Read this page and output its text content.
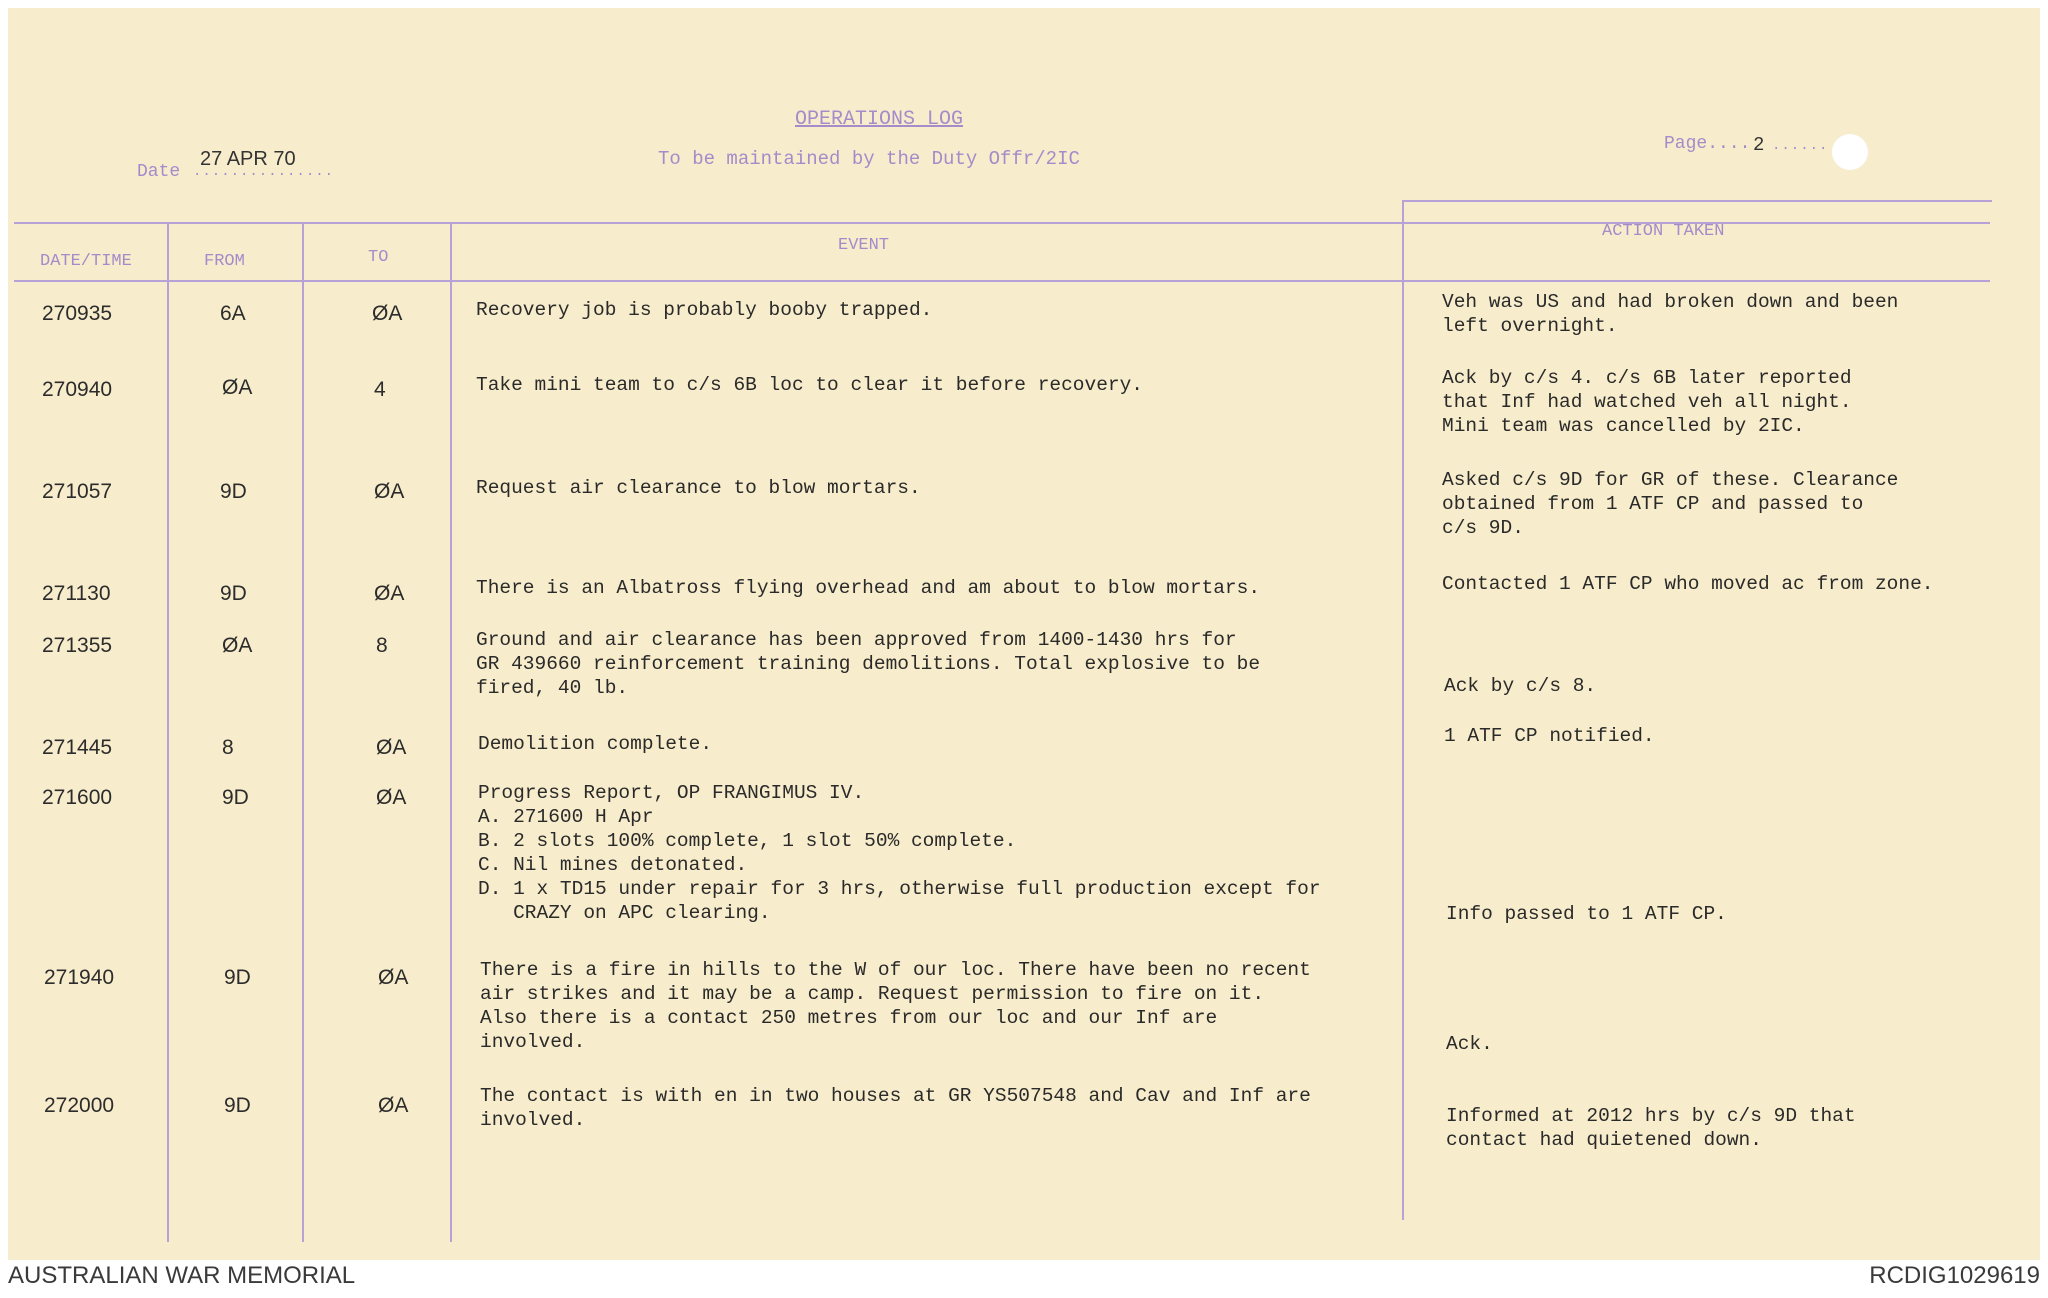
OPERATIONS LOG
To be maintained by the Duty Offr/2IC
Date ...............
27 APR 70
Page.... 2 ......
DATE/TIME	FROM	TO
EVENT
ACTION TAKEN
270935	6A	ØA	Recovery job is probably booby trapped.	Veh was US and had broken down and been
left overnight.
270940	ØA	4	Take mini team to c/s 6B loc to clear it before recovery.	Ack by c/s 4. c/s 6B later reported
that Inf had watched veh all night.
Mini team was cancelled by 2IC.
271057	9D	ØA	Request air clearance to blow mortars.	Asked c/s 9D for GR of these. Clearance
obtained from 1 ATF CP and passed to
c/s 9D.
271130	9D	ØA	There is an Albatross flying overhead and am about to blow mortars.	Contacted 1 ATF CP who moved ac from zone.
271355	ØA	8	Ground and air clearance has been approved from 1400-1430 hrs for
GR 439660 reinforcement training demolitions. Total explosive to be
fired, 40 lb.	Ack by c/s 8.
271445	8	ØA	Demolition complete.	1 ATF CP notified.
271600	9D	ØA	Progress Report, OP FRANGIMUS IV.
A. 271600 H Apr
B. 2 slots 100% complete, 1 slot 50% complete.
C. Nil mines detonated.
D. 1 x TD15 under repair for 3 hrs, otherwise full production except for
CRAZY on APC clearing.	Info passed to 1 ATF CP.
271940	9D	ØA	There is a fire in hills to the W of our loc. There have been no recent
air strikes and it may be a camp. Request permission to fire on it.
Also there is a contact 250 metres from our loc and our Inf are
involved.	Ack.
272000	9D	ØA	The contact is with en in two houses at GR YS507548 and Cav and Inf are
involved.	Informed at 2012 hrs by c/s 9D that
contact had quietened down.
AUSTRALIAN WAR MEMORIAL	RCDIG1029619
